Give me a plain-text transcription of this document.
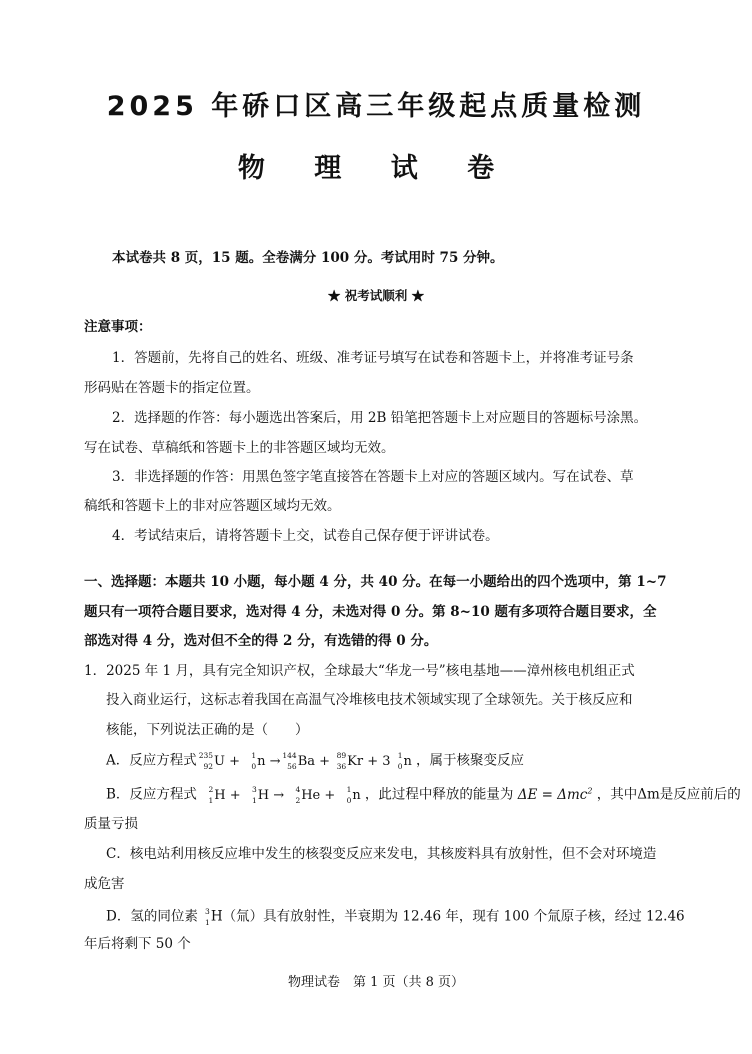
2025 年硚口区高三年级起点质量检测
物 理 试 卷
本试卷共 8 页，15 题。全卷满分 100 分。考试用时 75 分钟。
★ 祝考试顺利 ★
注意事项：
1．答题前，先将自己的姓名、班级、准考证号填写在试卷和答题卡上，并将准考证号条
形码贴在答题卡的指定位置。
2．选择题的作答：每小题选出答案后，用 2B 铅笔把答题卡上对应题目的答题标号涂黑。
写在试卷、草稿纸和答题卡上的非答题区域均无效。
3．非选择题的作答：用黑色签字笔直接答在答题卡上对应的答题区域内。写在试卷、草
稿纸和答题卡上的非对应答题区域均无效。
4．考试结束后，请将答题卡上交，试卷自己保存便于评讲试卷。
一、选择题：本题共 10 小题，每小题 4 分，共 40 分。在每一小题给出的四个选项中，第 1~7
题只有一项符合题目要求，选对得 4 分，未选对得 0 分。第 8~10 题有多项符合题目要求，全
部选对得 4 分，选对但不全的得 2 分，有选错的得 0 分。
1．2025 年 1 月，具有完全知识产权，全球最大“华龙一号”核电基地——漳州核电机组正式
投入商业运行，这标志着我国在高温气冷堆核电技术领域实现了全球领先。关于核反应和
核能，下列说法正确的是（　　）
A．反应方程式 235
92 U + 1
0 n →
144
56 Ba + 89
36 Kr + 3 1
0 n ，属于核聚变反应
B．反应方程式 2
1 H + 3
1 H → 4
2 He + 1
0 n ，此过程中释放的能量为 ΔE = Δmc$^2$ ，其中Δm是反应前后的
质量亏损
C．核电站利用核反应堆中发生的核裂变反应来发电，其核废料具有放射性，但不会对环境造
成危害
D．氢的同位素 3
1 H（氚）具有放射性，半衰期为 12.46 年，现有 100 个氚原子核，经过 12.46
年后将剩下 50 个
物理试卷　第 1 页（共 8 页）
